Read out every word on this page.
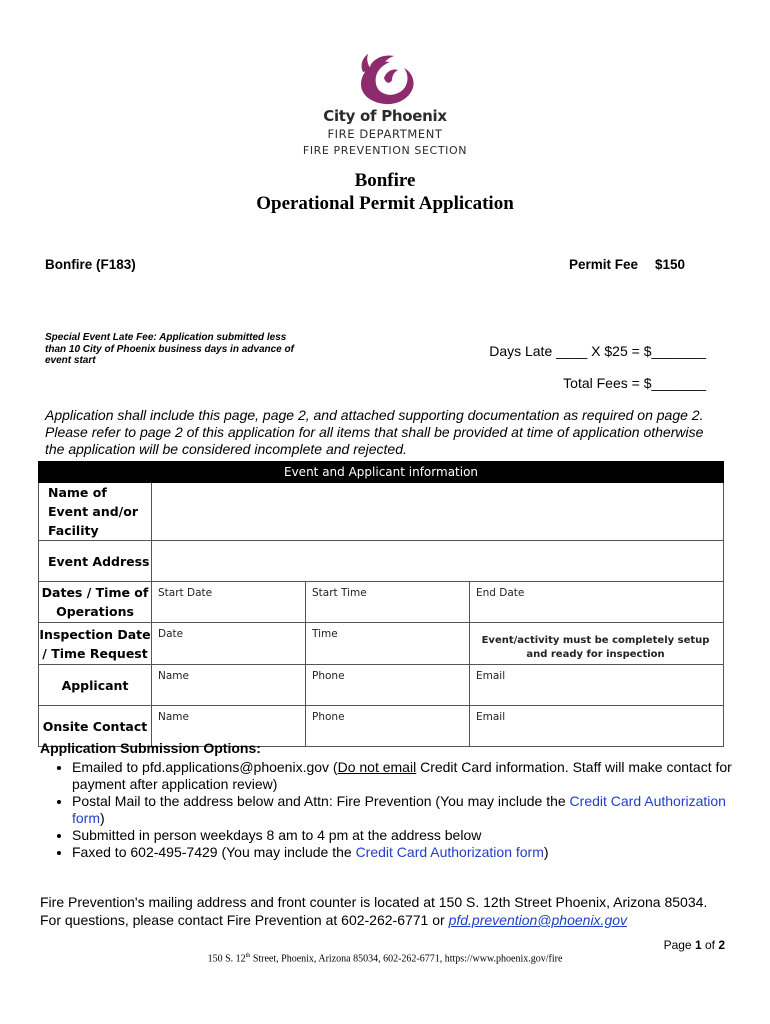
City of Phoenix
FIRE DEPARTMENT
FIRE PREVENTION SECTION
Bonfire
Operational Permit Application
Bonfire (F183)	Permit Fee $150
Special Event Late Fee: Application submitted less than 10 City of Phoenix business days in advance of event start
Days Late ____ X $25 = $_______
Total Fees = $_______
Application shall include this page, page 2, and attached supporting documentation as required on page 2. Please refer to page 2 of this application for all items that shall be provided at time of application otherwise the application will be considered incomplete and rejected.
Event and Applicant information			
Name of Event and/or Facility			
Event Address			
Dates / Time of Operations	Start Date	Start Time	End Date
Inspection Date / Time Request	Date	Time	Event/activity must be completely setup and ready for inspection

Applicant	Name	Phone	Email
Onsite Contact	Name	Phone	Email
Application Submission Options:
• Emailed to pfd.applications@phoenix.gov (Do not email Credit Card information. Staff will make contact for payment after application review)
• Postal Mail to the address below and Attn: Fire Prevention (You may include the Credit Card Authorization form)
• Submitted in person weekdays 8 am to 4 pm at the address below
• Faxed to 602-495-7429 (You may include the Credit Card Authorization form)
Fire Prevention's mailing address and front counter is located at 150 S. 12th Street Phoenix, Arizona 85034. For questions, please contact Fire Prevention at 602-262-6771 or pfd.prevention@phoenix.gov
Page 1 of 2
150 S. 12th Street, Phoenix, Arizona 85034, 602-262-6771, https://www.phoenix.gov/fire
